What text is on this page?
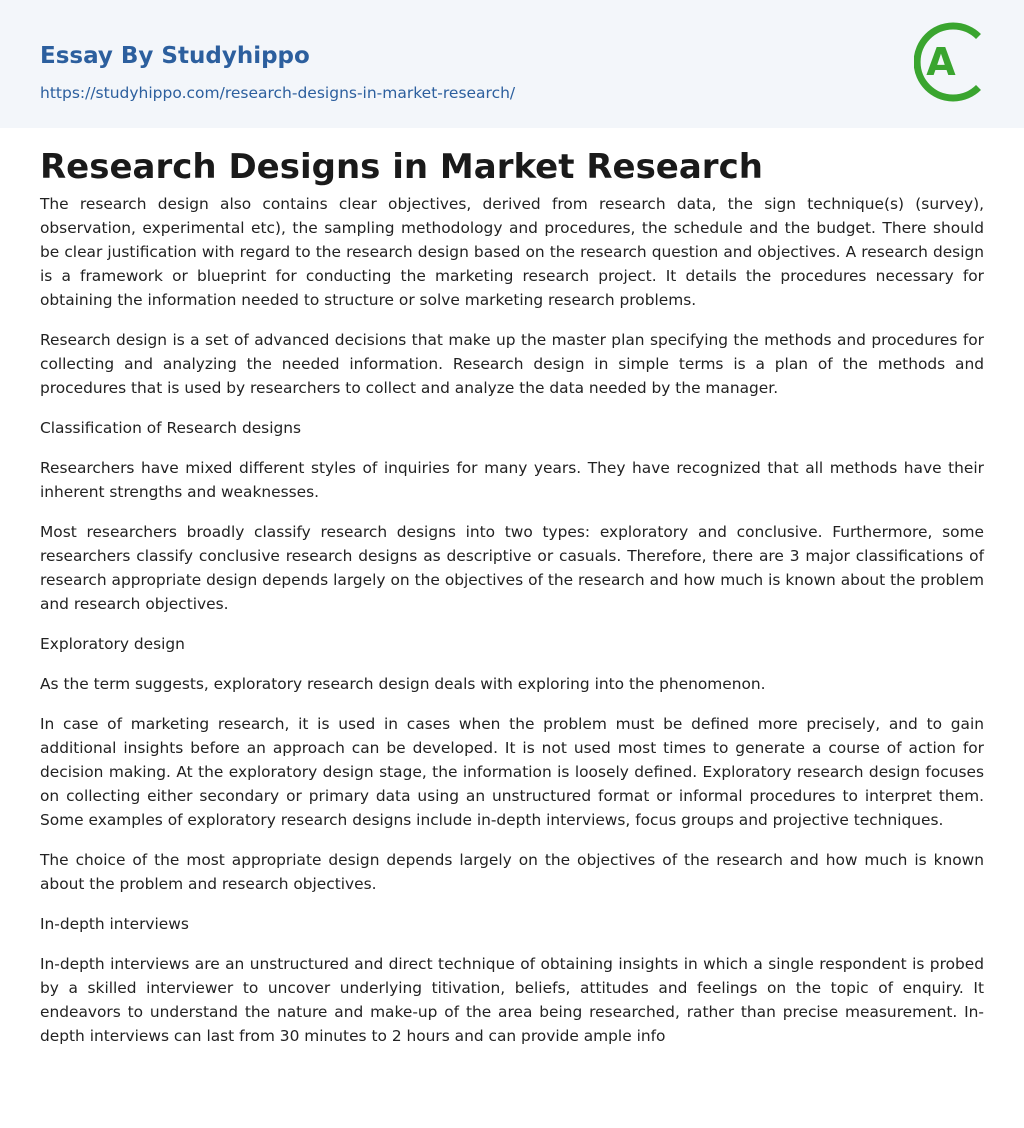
Essay By Studyhippo
https://studyhippo.com/research-designs-in-market-research/
A
Research Designs in Market Research

The research design also contains clear objectives, derived from research data, the sign technique(s) (survey), observation, experimental etc), the sampling methodology and procedures, the schedule and the budget. There should be clear justification with regard to the research design based on the research question and objectives. A research design is a framework or blueprint for conducting the marketing research project. It details the procedures necessary for obtaining the information needed to structure or solve marketing research problems.

Research design is a set of advanced decisions that make up the master plan specifying the methods and procedures for collecting and analyzing the needed information. Research design in simple terms is a plan of the methods and procedures that is used by researchers to collect and analyze the data needed by the manager.

Classification of Research designs

Researchers have mixed different styles of inquiries for many years. They have recognized that all methods have their inherent strengths and weaknesses.

Most researchers broadly classify research designs into two types: exploratory and conclusive. Furthermore, some researchers classify conclusive research designs as descriptive or casuals. Therefore, there are 3 major classifications of research appropriate design depends largely on the objectives of the research and how much is known about the problem and research objectives.

Exploratory design

As the term suggests, exploratory research design deals with exploring into the phenomenon.

In case of marketing research, it is used in cases when the problem must be defined more precisely, and to gain additional insights before an approach can be developed. It is not used most times to generate a course of action for decision making. At the exploratory design stage, the information is loosely defined. Exploratory research design focuses on collecting either secondary or primary data using an unstructured format or informal procedures to interpret them. Some examples of exploratory research designs include in-depth interviews, focus groups and projective techniques.

The choice of the most appropriate design depends largely on the objectives of the research and how much is known about the problem and research objectives.

In-depth interviews

In-depth interviews are an unstructured and direct technique of obtaining insights in which a single respondent is probed by a skilled interviewer to uncover underlying titivation, beliefs, attitudes and feelings on the topic of enquiry. It endeavors to understand the nature and make-up of the area being researched, rather than precise measurement. In-depth interviews can last from 30 minutes to 2 hours and can provide ample info
